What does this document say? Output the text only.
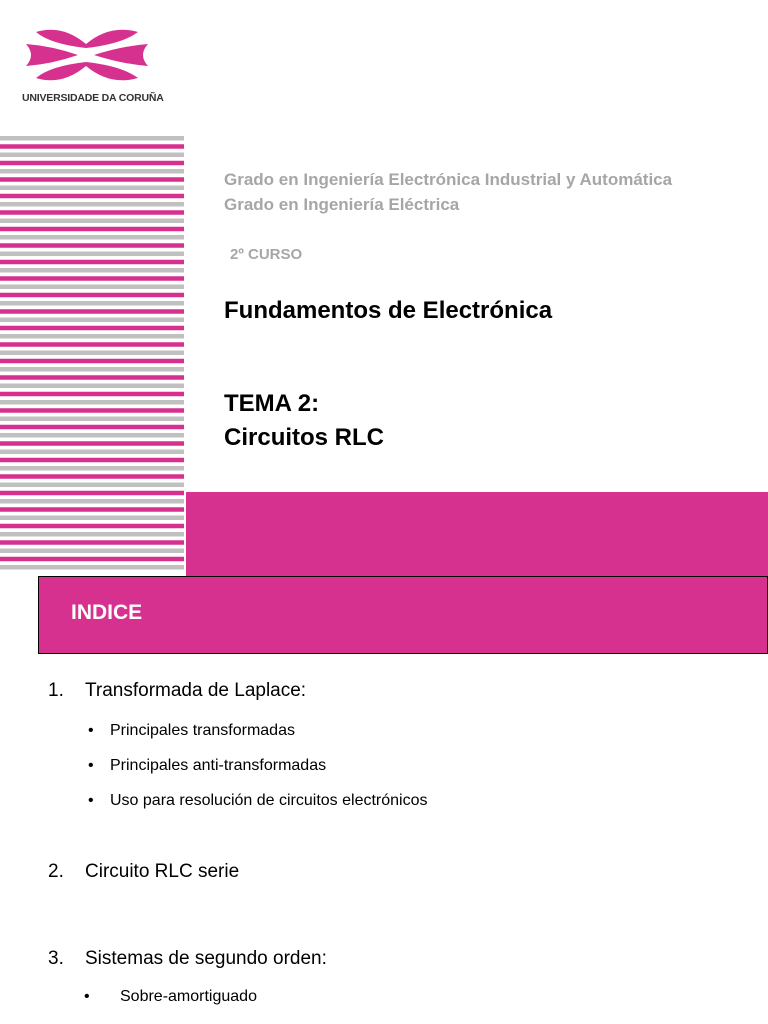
UNIVERSIDADE DA CORUÑA
Grado en Ingeniería Electrónica Industrial y Automática
Grado en Ingeniería Eléctrica
2º CURSO
Fundamentos de Electrónica
TEMA 2:
Circuitos RLC
INDICE
1. Transformada de Laplace:
• Principales transformadas
• Principales anti-transformadas
• Uso para resolución de circuitos electrónicos
2. Circuito RLC serie
3. Sistemas de segundo orden:
• Sobre-amortiguado
